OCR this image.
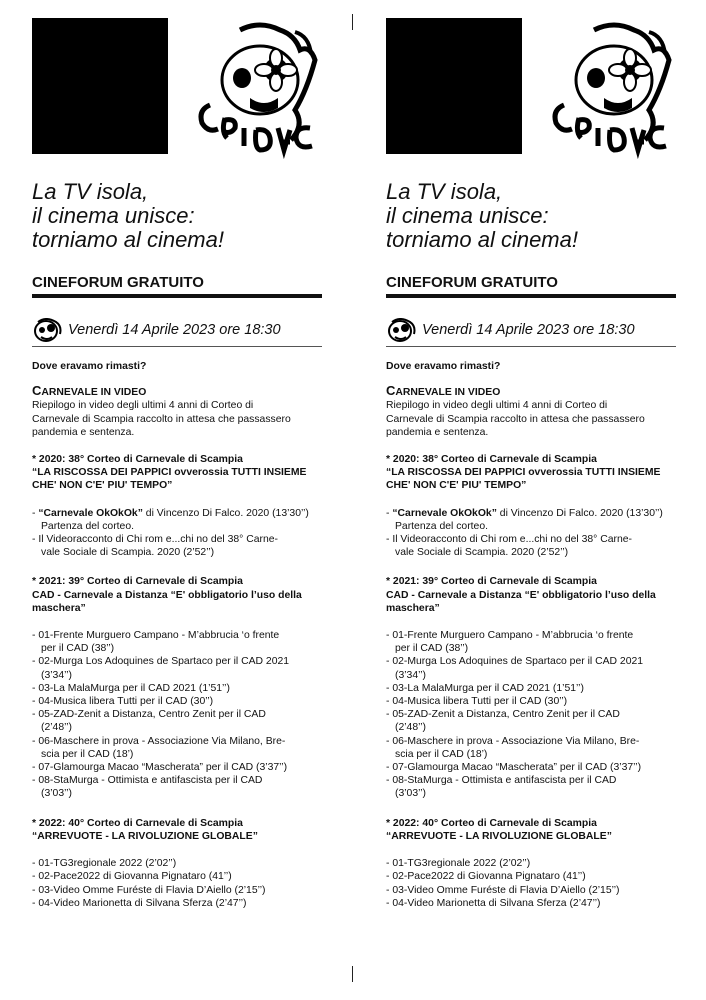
La TV isola,
il cinema unisce:
torniamo al cinema!
CINEFORUM GRATUITO
Venerdì 14 Aprile 2023 ore 18:30

Dove eravamo rimasti?

CARNEVALE IN VIDEO

Riepilogo in video degli ultimi 4 anni di Corteo di

Carnevale di Scampia raccolto in attesa che passassero

pandemia e sentenza.

* 2020: 38° Corteo di Carnevale di Scampia

“LA RISCOSSA DEI PAPPICI ovverossia TUTTI INSIEME

CHE' NON C'E' PIU' TEMPO”

- “Carnevale OkOkOk” di Vincenzo Di Falco. 2020 (13’30’’)

Partenza del corteo.

- Il Videoracconto di Chi rom e...chi no del 38° Carne-

vale Sociale di Scampia. 2020 (2’52’’)

* 2021: 39° Corteo di Carnevale di Scampia

CAD - Carnevale a Distanza “E' obbligatorio l’uso della

maschera”

- 01-Frente Murguero Campano - M’abbrucia ‘o frente

per il CAD (38’’)

- 02-Murga Los Adoquines de Spartaco per il CAD 2021

(3’34’’)

- 03-La MalaMurga per il CAD 2021 (1’51’’)

- 04-Musica libera Tutti per il CAD (30’’)

- 05-ZAD-Zenit a Distanza, Centro Zenit per il CAD

(2’48’’)

- 06-Maschere in prova - Associazione Via Milano, Bre-

scia per il CAD (18’)

- 07-Glamourga Macao “Mascherata” per il CAD (3’37’’)

- 08-StaMurga - Ottimista e antifascista per il CAD

(3’03’’)

* 2022: 40° Corteo di Carnevale di Scampia

“ARREVUOTE - LA RIVOLUZIONE GLOBALE”

- 01-TG3regionale 2022 (2’02’’)

- 02-Pace2022 di Giovanna Pignataro (41’’)

- 03-Video Omme Furéste di Flavia D’Aiello (2’15’’)

- 04-Video Marionetta di Silvana Sferza (2’47’’)

La TV isola,
il cinema unisce:
torniamo al cinema!
CINEFORUM GRATUITO
Venerdì 14 Aprile 2023 ore 18:30

Dove eravamo rimasti?

CARNEVALE IN VIDEO

Riepilogo in video degli ultimi 4 anni di Corteo di

Carnevale di Scampia raccolto in attesa che passassero

pandemia e sentenza.

* 2020: 38° Corteo di Carnevale di Scampia

“LA RISCOSSA DEI PAPPICI ovverossia TUTTI INSIEME

CHE' NON C'E' PIU' TEMPO”

- “Carnevale OkOkOk” di Vincenzo Di Falco. 2020 (13’30’’)

Partenza del corteo.

- Il Videoracconto di Chi rom e...chi no del 38° Carne-

vale Sociale di Scampia. 2020 (2’52’’)

* 2021: 39° Corteo di Carnevale di Scampia

CAD - Carnevale a Distanza “E' obbligatorio l’uso della

maschera”

- 01-Frente Murguero Campano - M’abbrucia ‘o frente

per il CAD (38’’)

- 02-Murga Los Adoquines de Spartaco per il CAD 2021

(3’34’’)

- 03-La MalaMurga per il CAD 2021 (1’51’’)

- 04-Musica libera Tutti per il CAD (30’’)

- 05-ZAD-Zenit a Distanza, Centro Zenit per il CAD

(2’48’’)

- 06-Maschere in prova - Associazione Via Milano, Bre-

scia per il CAD (18’)

- 07-Glamourga Macao “Mascherata” per il CAD (3’37’’)

- 08-StaMurga - Ottimista e antifascista per il CAD

(3’03’’)

* 2022: 40° Corteo di Carnevale di Scampia

“ARREVUOTE - LA RIVOLUZIONE GLOBALE”

- 01-TG3regionale 2022 (2’02’’)

- 02-Pace2022 di Giovanna Pignataro (41’’)

- 03-Video Omme Furéste di Flavia D’Aiello (2’15’’)

- 04-Video Marionetta di Silvana Sferza (2’47’’)
